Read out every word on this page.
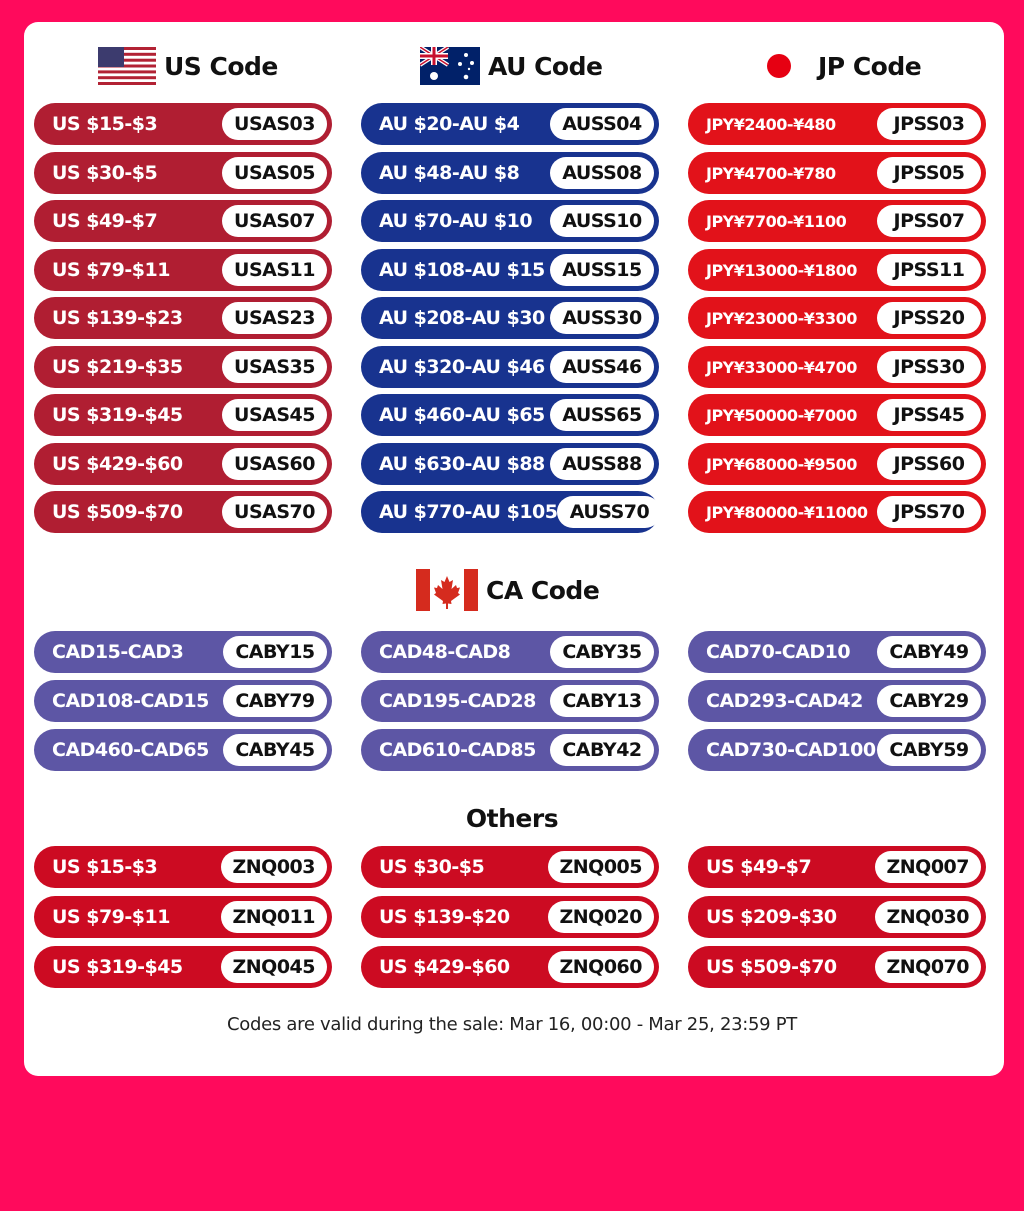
US Code	AU Code	JP Code
US $15-$3	USAS03
US $30-$5	USAS05
US $49-$7	USAS07
US $79-$11	USAS11
US $139-$23	USAS23
US $219-$35	USAS35
US $319-$45	USAS45
US $429-$60	USAS60
US $509-$70	USAS70
AU $20-AU $4	AUSS04
AU $48-AU $8	AUSS08
AU $70-AU $10	AUSS10
AU $108-AU $15 AUSS15
AU $208-AU $30 AUSS30
AU $320-AU $46 AUSS46
AU $460-AU $65 AUSS65
AU $630-AU $88 AUSS88
AU $770-AU $105 AUSS70
JPY¥2400-¥480	JPSS03
JPY¥4700-¥780	JPSS05
JPY¥7700-¥1100	JPSS07
JPY¥13000-¥1800	JPSS11
JPY¥23000-¥3300	JPSS20
JPY¥33000-¥4700	JPSS30
JPY¥50000-¥7000	JPSS45
JPY¥68000-¥9500	JPSS60
JPY¥80000-¥11000	JPSS70
CA Code
CAD15-CAD3	CABY15
CAD108-CAD15	CABY79
CAD460-CAD65	CABY45
CAD48-CAD8	CABY35
CAD195-CAD28	CABY13
CAD610-CAD85	CABY42
CAD70-CAD10	CABY49
CAD293-CAD42	CABY29
CAD730-CAD100 CABY59
Others
US $15-$3	ZNQ003
US $79-$11	ZNQ011
US $319-$45	ZNQ045
US $30-$5	ZNQ005
US $139-$20	ZNQ020
US $429-$60	ZNQ060
US $49-$7	ZNQ007
US $209-$30	ZNQ030
US $509-$70	ZNQ070
Codes are valid during the sale: Mar 16, 00:00 - Mar 25, 23:59 PT
